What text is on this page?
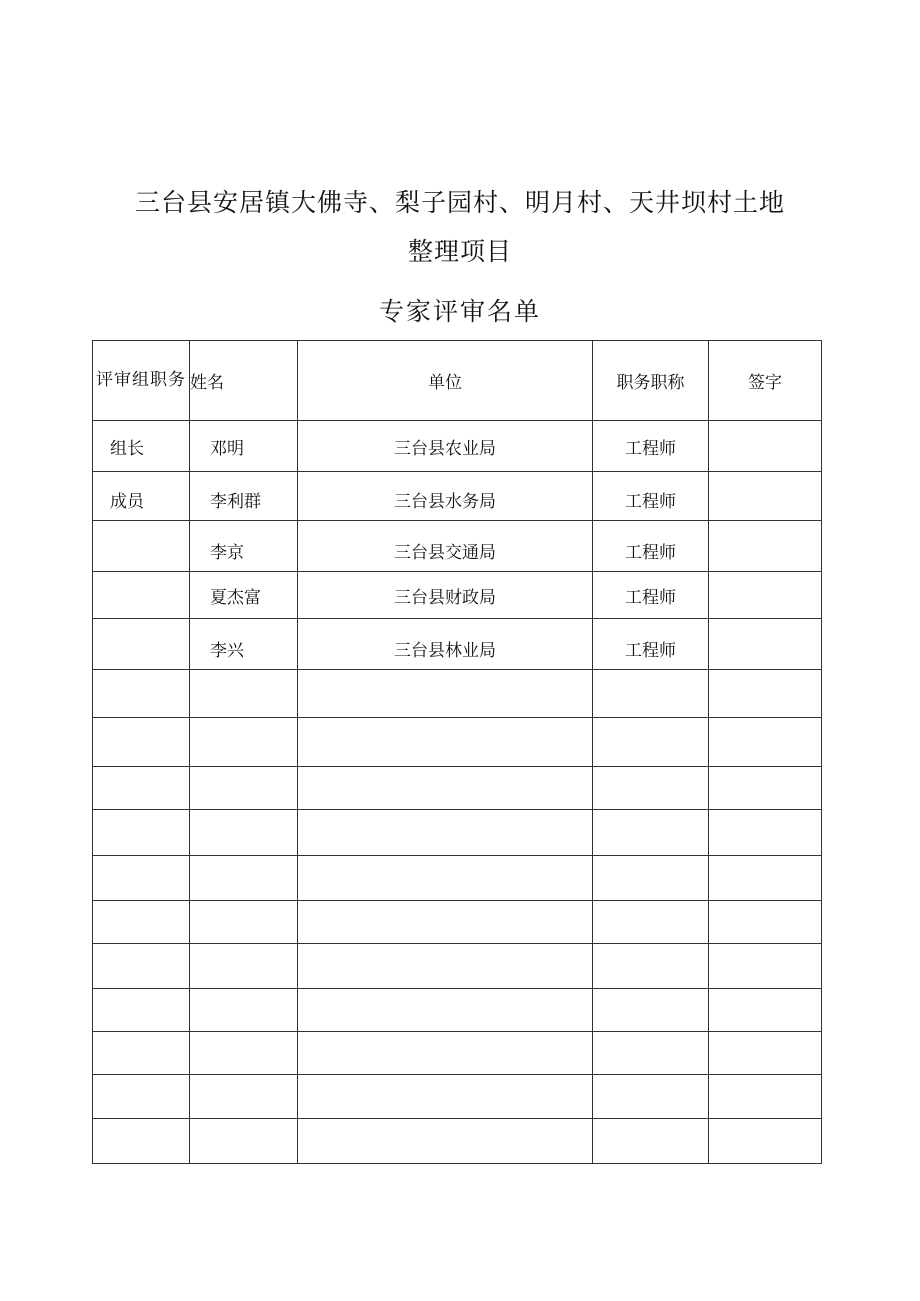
三台县安居镇大佛寺、梨子园村、明月村、天井坝村土地
整理项目
专家评审名单
评审组职务	姓名	单位	职务职称	签字
组长	邓明	三台县农业局	工程师	
成员	李利群	三台县水务局	工程师	
	李京	三台县交通局	工程师	
	夏杰富	三台县财政局	工程师	
	李兴	三台县林业局	工程师	
